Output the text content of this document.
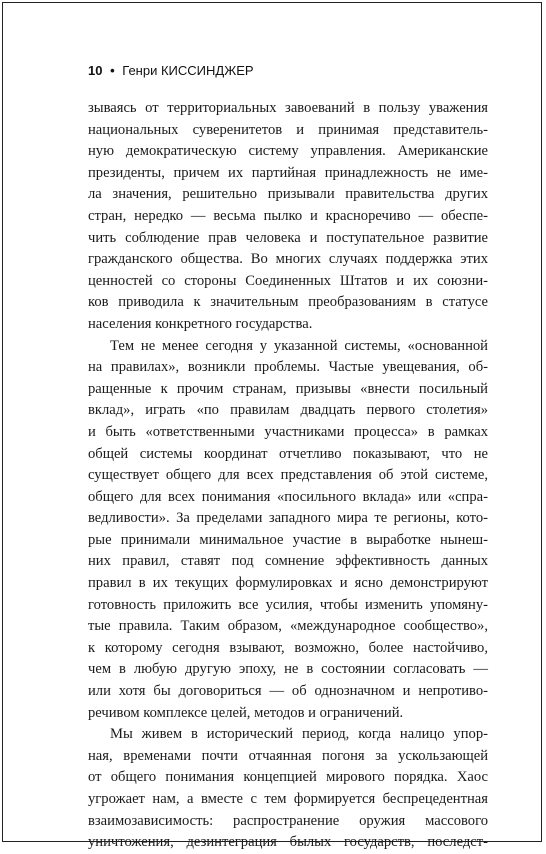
10 • Генри КИССИНДЖЕР
зываясь от территориальных завоеваний в пользу уважения
национальных суверенитетов и принимая представитель-
ную демократическую систему управления. Американские
президенты, причем их партийная принадлежность не име-
ла значения, решительно призывали правительства других
стран, нередко — весьма пылко и красноречиво — обеспе-
чить соблюдение прав человека и поступательное развитие
гражданского общества. Во многих случаях поддержка этих
ценностей со стороны Соединенных Штатов и их союзни-
ков приводила к значительным преобразованиям в статусе
населения конкретного государства.
Тем не менее сегодня у указанной системы, «основанной
на правилах», возникли проблемы. Частые увещевания, об-
ращенные к прочим странам, призывы «внести посильный
вклад», играть «по правилам двадцать первого столетия»
и быть «ответственными участниками процесса» в рамках
общей системы координат отчетливо показывают, что не
существует общего для всех представления об этой системе,
общего для всех понимания «посильного вклада» или «спра-
ведливости». За пределами западного мира те регионы, кото-
рые принимали минимальное участие в выработке нынеш-
них правил, ставят под сомнение эффективность данных
правил в их текущих формулировках и ясно демонстрируют
готовность приложить все усилия, чтобы изменить упомяну-
тые правила. Таким образом, «международное сообщество»,
к которому сегодня взывают, возможно, более настойчиво,
чем в любую другую эпоху, не в состоянии согласовать —
или хотя бы договориться — об однозначном и непротиво-
речивом комплексе целей, методов и ограничений.
Мы живем в исторический период, когда налицо упор-
ная, временами почти отчаянная погоня за ускользающей
от общего понимания концепцией мирового порядка. Хаос
угрожает нам, а вместе с тем формируется беспрецедентная
взаимозависимость: распространение оружия массового
уничтожения, дезинтеграция былых государств, последст-
